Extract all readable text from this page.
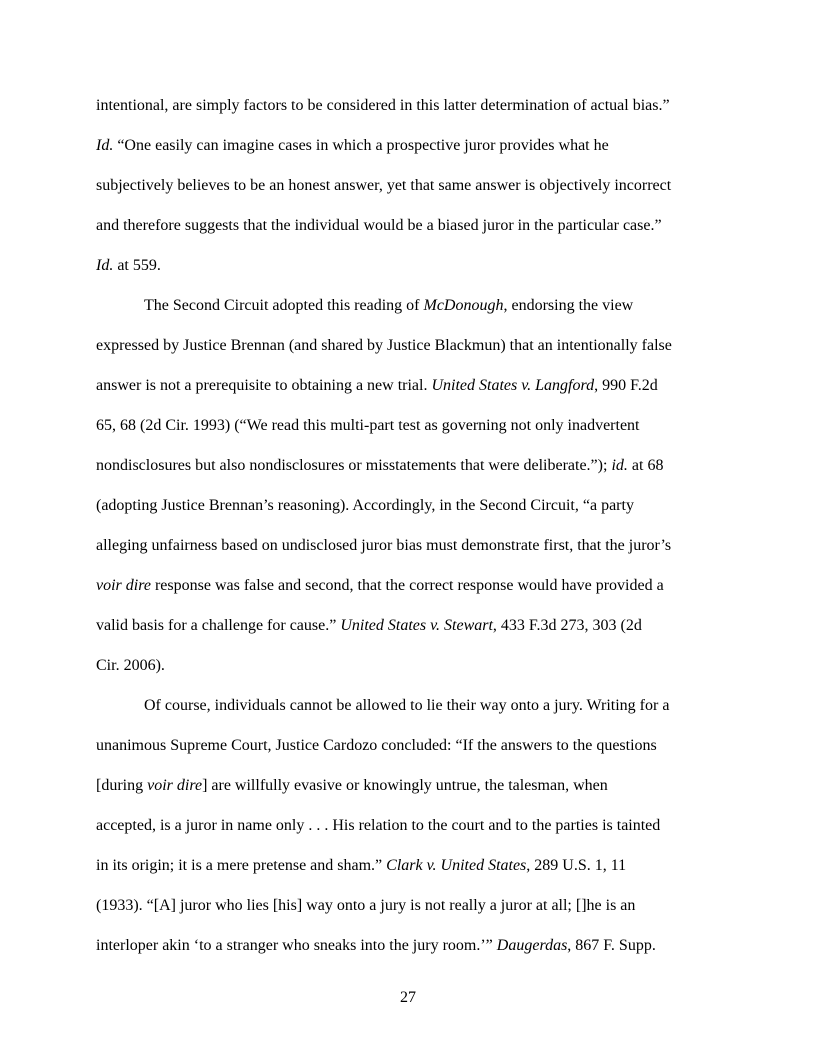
intentional, are simply factors to be considered in this latter determination of actual bias.”
Id. “One easily can imagine cases in which a prospective juror provides what he
subjectively believes to be an honest answer, yet that same answer is objectively incorrect
and therefore suggests that the individual would be a biased juror in the particular case.”
Id. at 559.
The Second Circuit adopted this reading of McDonough, endorsing the view
expressed by Justice Brennan (and shared by Justice Blackmun) that an intentionally false
answer is not a prerequisite to obtaining a new trial. United States v. Langford, 990 F.2d
65, 68 (2d Cir. 1993) (“We read this multi-part test as governing not only inadvertent
nondisclosures but also nondisclosures or misstatements that were deliberate.”); id. at 68
(adopting Justice Brennan’s reasoning). Accordingly, in the Second Circuit, “a party
alleging unfairness based on undisclosed juror bias must demonstrate first, that the juror’s
voir dire response was false and second, that the correct response would have provided a
valid basis for a challenge for cause.” United States v. Stewart, 433 F.3d 273, 303 (2d
Cir. 2006).
Of course, individuals cannot be allowed to lie their way onto a jury. Writing for a
unanimous Supreme Court, Justice Cardozo concluded: “If the answers to the questions
[during voir dire] are willfully evasive or knowingly untrue, the talesman, when
accepted, is a juror in name only . . . His relation to the court and to the parties is tainted
in its origin; it is a mere pretense and sham.” Clark v. United States, 289 U.S. 1, 11
(1933). “[A] juror who lies [his] way onto a jury is not really a juror at all; []he is an
interloper akin ‘to a stranger who sneaks into the jury room.’” Daugerdas, 867 F. Supp.
27
